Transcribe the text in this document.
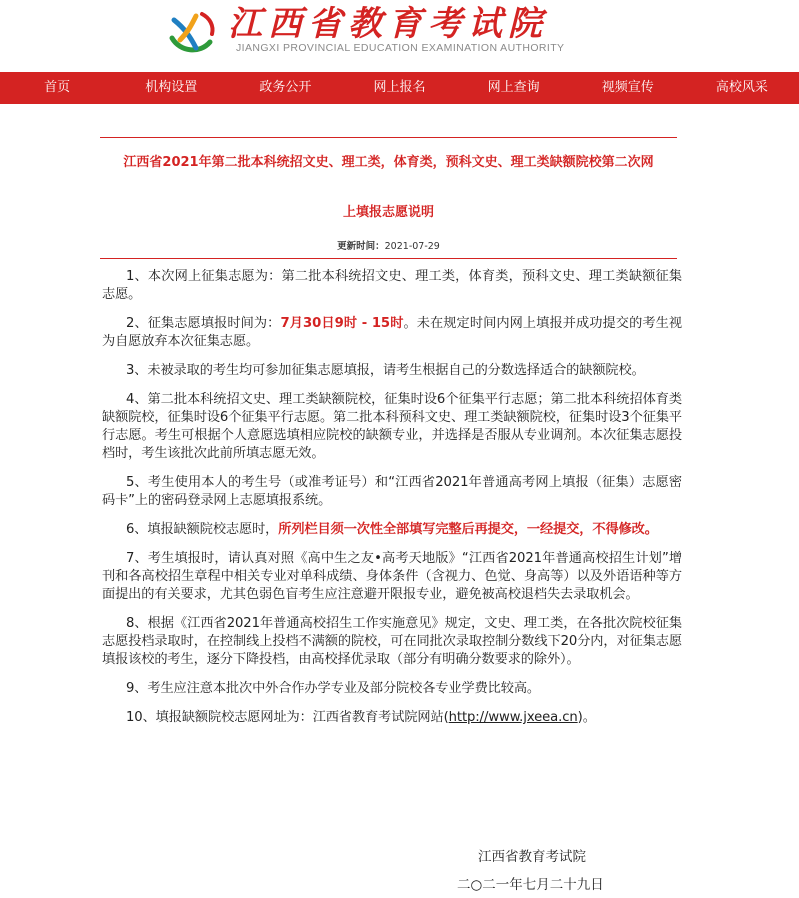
江西省教育考试院
JIANGXI PROVINCIAL EDUCATION EXAMINATION AUTHORITY
首页	机构设置	政务公开	网上报名	网上查询	视频宣传	高校风采
江西省2021年第二批本科统招文史、理工类，体育类，预科文史、理工类缺额院校第二次网
上填报志愿说明
更新时间：2021-07-29

1、本次网上征集志愿为：第二批本科统招文史、理工类，体育类，预科文史、理工类缺额征集志愿。

2、征集志愿填报时间为：7月30日9时 - 15时。未在规定时间内网上填报并成功提交的考生视为自愿放弃本次征集志愿。

3、未被录取的考生均可参加征集志愿填报，请考生根据自己的分数选择适合的缺额院校。

4、第二批本科统招文史、理工类缺额院校，征集时设6个征集平行志愿；第二批本科统招体育类缺额院校，征集时设6个征集平行志愿。第二批本科预科文史、理工类缺额院校，征集时设3个征集平行志愿。考生可根据个人意愿选填相应院校的缺额专业，并选择是否服从专业调剂。本次征集志愿投档时，考生该批次此前所填志愿无效。

5、考生使用本人的考生号（或准考证号）和“江西省2021年普通高考网上填报（征集）志愿密码卡”上的密码登录网上志愿填报系统。

6、填报缺额院校志愿时，所列栏目须一次性全部填写完整后再提交，一经提交，不得修改。

7、考生填报时，请认真对照《高中生之友•高考天地版》“江西省2021年普通高校招生计划”增刊和各高校招生章程中相关专业对单科成绩、身体条件（含视力、色觉、身高等）以及外语语种等方面提出的有关要求，尤其色弱色盲考生应注意避开限报专业，避免被高校退档失去录取机会。

8、根据《江西省2021年普通高校招生工作实施意见》规定，文史、理工类，在各批次院校征集志愿投档录取时，在控制线上投档不满额的院校，可在同批次录取控制分数线下20分内，对征集志愿填报该校的考生，逐分下降投档，由高校择优录取（部分有明确分数要求的除外）。

9、考生应注意本批次中外合作办学专业及部分院校各专业学费比较高。

10、填报缺额院校志愿网址为：江西省教育考试院网站(http://www.jxeea.cn)。

江西省教育考试院
二○二一年七月二十九日
